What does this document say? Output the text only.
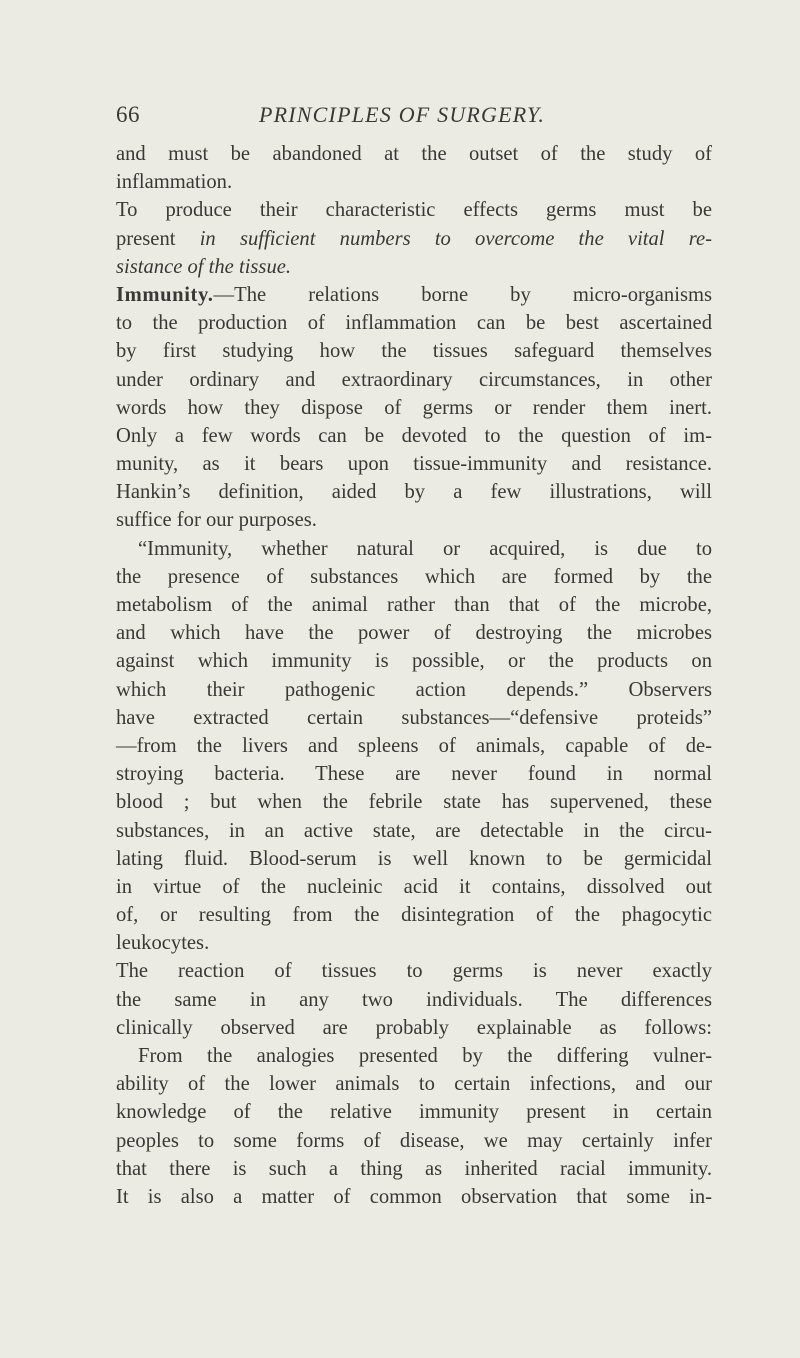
66	PRINCIPLES OF SURGERY.
and must be abandoned at the outset of the study of
inflammation.
To produce their characteristic effects germs must be
present in sufficient numbers to overcome the vital re-
sistance of the tissue.
Immunity.—The relations borne by micro-organisms
to the production of inflammation can be best ascertained
by first studying how the tissues safeguard themselves
under ordinary and extraordinary circumstances, in other
words how they dispose of germs or render them inert.
Only a few words can be devoted to the question of im-
munity, as it bears upon tissue-immunity and resistance.
Hankin’s definition, aided by a few illustrations, will
suffice for our purposes.
“Immunity, whether natural or acquired, is due to
the presence of substances which are formed by the
metabolism of the animal rather than that of the microbe,
and which have the power of destroying the microbes
against which immunity is possible, or the products on
which their pathogenic action depends.” Observers
have extracted certain substances—“defensive proteids”
—from the livers and spleens of animals, capable of de-
stroying bacteria. These are never found in normal
blood ; but when the febrile state has supervened, these
substances, in an active state, are detectable in the circu-
lating fluid. Blood-serum is well known to be germicidal
in virtue of the nucleinic acid it contains, dissolved out
of, or resulting from the disintegration of the phagocytic
leukocytes.
The reaction of tissues to germs is never exactly
the same in any two individuals. The differences
clinically observed are probably explainable as follows:
From the analogies presented by the differing vulner-
ability of the lower animals to certain infections, and our
knowledge of the relative immunity present in certain
peoples to some forms of disease, we may certainly infer
that there is such a thing as inherited racial immunity.
It is also a matter of common observation that some in-
